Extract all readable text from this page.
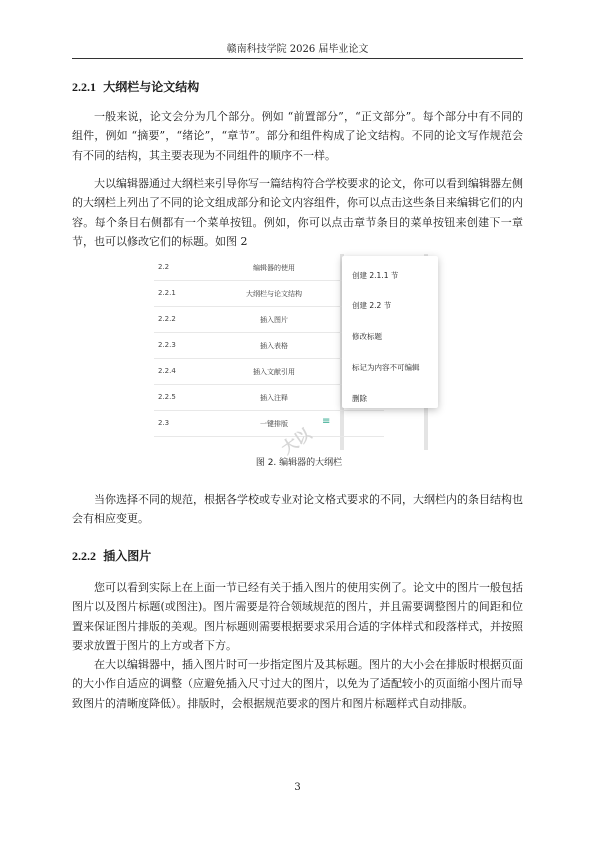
赣南科技学院 2026 届毕业论文
2.2.1 大纲栏与论文结构

一般来说，论文会分为几个部分。例如 “前置部分”，“正文部分”。每个部分中有不同的组件，例如 “摘要”，“绪论”，“章节”。部分和组件构成了论文结构。不同的论文写作规范会有不同的结构，其主要表现为不同组件的顺序不一样。

大以编辑器通过大纲栏来引导你写一篇结构符合学校要求的论文，你可以看到编辑器左侧的大纲栏上列出了不同的论文组成部分和论文内容组件，你可以点击这些条目来编辑它们的内容。每个条目右侧都有一个菜单按钮。例如，你可以点击章节条目的菜单按钮来创建下一章节，也可以修改它们的标题。如图 2

2.2	编辑器的使用
2.2.1	大纲栏与论文结构
2.2.2	插入图片
2.2.3	插入表格
2.2.4	插入文献引用
2.2.5	插入注释
2.3	一键排版	≡
创建 2.1.1 节
创建 2.2 节
修改标题
标记为内容不可编辑
删除
大以
图 2. 编辑器的大纲栏

当你选择不同的规范，根据各学校或专业对论文格式要求的不同，大纲栏内的条目结构也会有相应变更。

2.2.2 插入图片

您可以看到实际上在上面一节已经有关于插入图片的使用实例了。论文中的图片一般包括图片以及图片标题(或图注)。图片需要是符合领域规范的图片，并且需要调整图片的间距和位置来保证图片排版的美观。图片标题则需要根据要求采用合适的字体样式和段落样式，并按照要求放置于图片的上方或者下方。

在大以编辑器中，插入图片时可一步指定图片及其标题。图片的大小会在排版时根据页面的大小作自适应的调整（应避免插入尺寸过大的图片，以免为了适配较小的页面缩小图片而导致图片的清晰度降低）。排版时，会根据规范要求的图片和图片标题样式自动排版。

3
